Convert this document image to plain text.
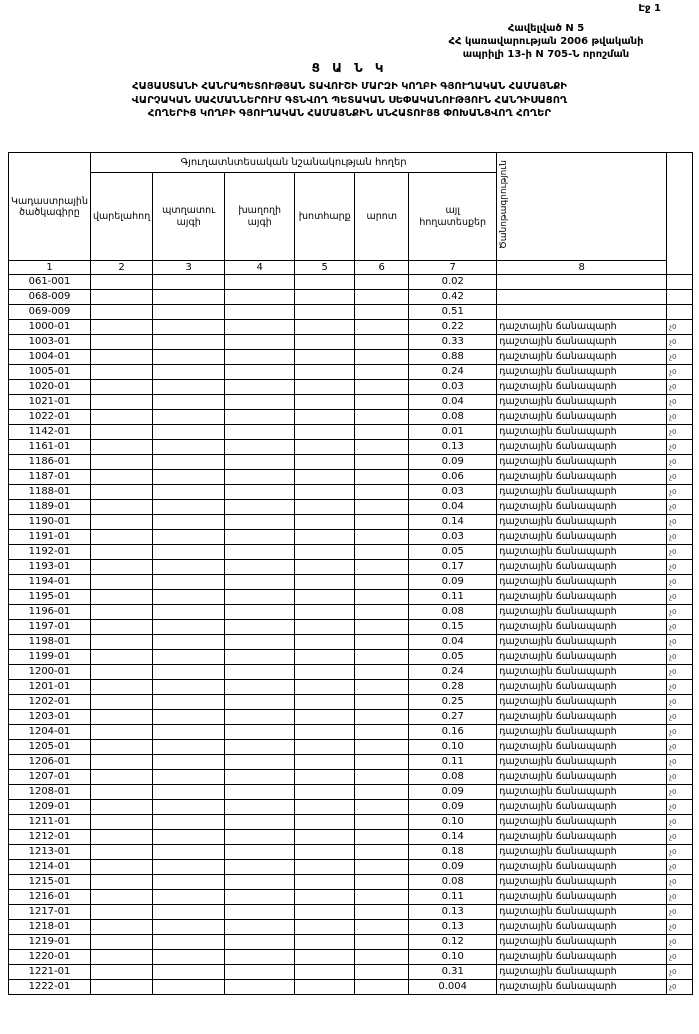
Էջ 1
Հավելված N 5
ՀՀ կառավարության 2006 թվականի
ապրիլի 13-ի N 705-Ն որոշման
Ց Ա Ն Կ
ՀԱՅԱՍՏԱՆԻ ՀԱՆՐԱՊԵՏՈՒԹՅԱՆ ՏԱՎՈՒՇԻ ՄԱՐԶԻ ԿՈՂԲԻ ԳՅՈՒՂԱԿԱՆ ՀԱՄԱՅՆՔԻ
ՎԱՐՉԱԿԱՆ ՍԱՀՄԱՆՆԵՐՈՒՄ ԳՏՆՎՈՂ ՊԵՏԱԿԱՆ ՍԵՓԱԿԱՆՈՒԹՅՈՒՆ ՀԱՆԴԻՍԱՑՈՂ
ՀՈՂԵՐԻՑ ԿՈՂԲԻ ԳՅՈՒՂԱԿԱՆ ՀԱՄԱՅՆՔԻՆ ԱՆՀԱՏՈՒՅՑ ՓՈԽԱՆՑՎՈՂ ՀՈՂԵՐ
Կադաստրային ծածկագիրը	Գյուղատնտեսական նշանակության հողեր						Ծանոթագրություն	
	վարելահող	պտղատու այգի	խաղողի այգի	խոտհարք	արոտ	այլ հողատեսքեր		
1	2	3	4	5	6	7	8	
061-001						0.02		
068-009						0.42		
069-009						0.51		
1000-01						0.22	դաշտային ճանապարհ	չ0
1003-01						0.33	դաշտային ճանապարհ	չ0
1004-01						0.88	դաշտային ճանապարհ	չ0
1005-01						0.24	դաշտային ճանապարհ	չ0
1020-01						0.03	դաշտային ճանապարհ	չ0
1021-01						0.04	դաշտային ճանապարհ	չ0
1022-01						0.08	դաշտային ճանապարհ	չ0
1142-01						0.01	դաշտային ճանապարհ	չ0
1161-01						0.13	դաշտային ճանապարհ	չ0
1186-01						0.09	դաշտային ճանապարհ	չ0
1187-01						0.06	դաշտային ճանապարհ	չ0
1188-01						0.03	դաշտային ճանապարհ	չ0
1189-01						0.04	դաշտային ճանապարհ	չ0
1190-01						0.14	դաշտային ճանապարհ	չ0
1191-01						0.03	դաշտային ճանապարհ	չ0
1192-01						0.05	դաշտային ճանապարհ	չ0
1193-01						0.17	դաշտային ճանապարհ	չ0
1194-01						0.09	դաշտային ճանապարհ	չ0
1195-01						0.11	դաշտային ճանապարհ	չ0
1196-01						0.08	դաշտային ճանապարհ	չ0
1197-01						0.15	դաշտային ճանապարհ	չ0
1198-01						0.04	դաշտային ճանապարհ	չ0
1199-01						0.05	դաշտային ճանապարհ	չ0
1200-01						0.24	դաշտային ճանապարհ	չ0
1201-01						0.28	դաշտային ճանապարհ	չ0
1202-01						0.25	դաշտային ճանապարհ	չ0
1203-01						0.27	դաշտային ճանապարհ	չ0
1204-01						0.16	դաշտային ճանապարհ	չ0
1205-01						0.10	դաշտային ճանապարհ	չ0
1206-01						0.11	դաշտային ճանապարհ	չ0
1207-01						0.08	դաշտային ճանապարհ	չ0
1208-01						0.09	դաշտային ճանապարհ	չ0
1209-01						0.09	դաշտային ճանապարհ	չ0
1211-01						0.10	դաշտային ճանապարհ	չ0
1212-01						0.14	դաշտային ճանապարհ	չ0
1213-01						0.18	դաշտային ճանապարհ	չ0
1214-01						0.09	դաշտային ճանապարհ	չ0
1215-01						0.08	դաշտային ճանապարհ	չ0
1216-01						0.11	դաշտային ճանապարհ	չ0
1217-01						0.13	դաշտային ճանապարհ	չ0
1218-01						0.13	դաշտային ճանապարհ	չ0
1219-01						0.12	դաշտային ճանապարհ	չ0
1220-01						0.10	դաշտային ճանապարհ	չ0
1221-01						0.31	դաշտային ճանապարհ	չ0
1222-01						0.004	դաշտային ճանապարհ	չ0
